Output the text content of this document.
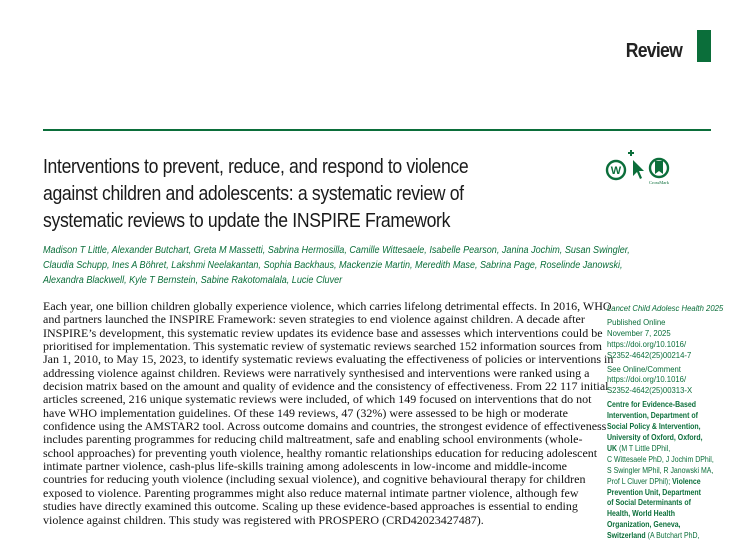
Review
Interventions to prevent, reduce, and respond to violence
against children and adolescents: a systematic review of
systematic reviews to update the INSPIRE Framework
W
CrossMark
Madison T Little, Alexander Butchart, Greta M Massetti, Sabrina Hermosilla, Camille Wittesaele, Isabelle Pearson, Janina Jochim, Susan Swingler,
Claudia Schupp, Ines A Böhret, Lakshmi Neelakantan, Sophia Backhaus, Mackenzie Martin, Meredith Mase, Sabrina Page, Roselinde Janowski,
Alexandra Blackwell, Kyle T Bernstein, Sabine Rakotomalala, Lucie Cluver
Each year, one billion children globally experience violence, which carries lifelong detrimental effects. In 2016, WHO
and partners launched the INSPIRE Framework: seven strategies to end violence against children. A decade after
INSPIRE’s development, this systematic review updates its evidence base and assesses which interventions could be
prioritised for implementation. This systematic review of systematic reviews searched 152 information sources from
Jan 1, 2010, to May 15, 2023, to identify systematic reviews evaluating the effectiveness of policies or interventions in
addressing violence against children. Reviews were narratively synthesised and interventions were ranked using a
decision matrix based on the amount and quality of evidence and the consistency of effectiveness. From 22 117 initial
articles screened, 216 unique systematic reviews were included, of which 149 focused on interventions that do not
have WHO implementation guidelines. Of these 149 reviews, 47 (32%) were assessed to be high or moderate
confidence using the AMSTAR2 tool. Across outcome domains and countries, the strongest evidence of effectiveness
includes parenting programmes for reducing child maltreatment, safe and enabling school environments (whole-
school approaches) for preventing youth violence, healthy romantic relationships education for reducing adolescent
intimate partner violence, cash-plus life-skills training among adolescents in low-income and middle-income
countries for reducing youth violence (including sexual violence), and cognitive behavioural therapy for children
exposed to violence. Parenting programmes might also reduce maternal intimate partner violence, although few
studies have directly examined this outcome. Scaling up these evidence-based approaches is essential to ending
violence against children. This study was registered with PROSPERO (CRD42023427487).
Lancet Child Adolesc Health 2025
Published Online
November 7, 2025
https://doi.org/10.1016/
S2352-4642(25)00214-7
See Online/Comment
https://doi.org/10.1016/
S2352-4642(25)00313-X
Centre for Evidence-Based
Intervention, Department of
Social Policy & Intervention,
University of Oxford, Oxford,
UK (M T Little DPhil,
C Wittesaele PhD, J Jochim DPhil,
S Swingler MPhil, R Janowski MA,
Prof L Cluver DPhil); Violence
Prevention Unit, Department
of Social Determinants of
Health, World Health
Organization, Geneva,
Switzerland (A Butchart PhD,
